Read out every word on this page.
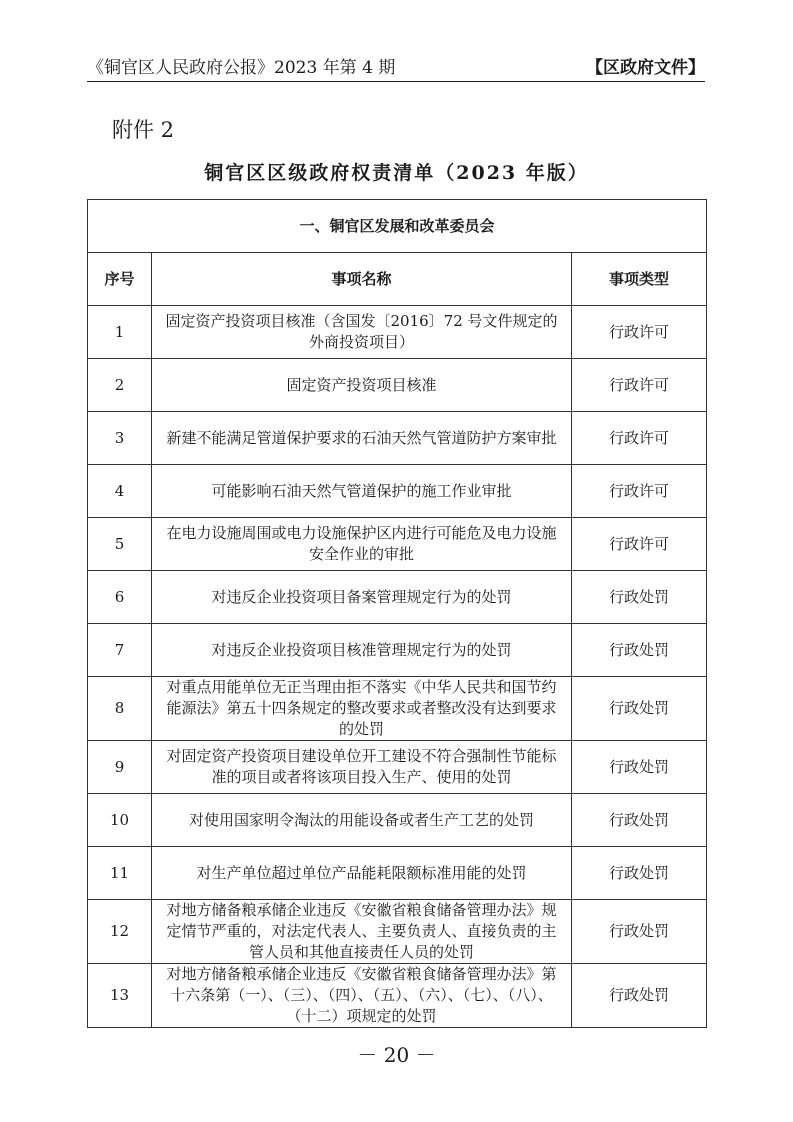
《铜官区人民政府公报》2023 年第 4 期	【区政府文件】
附件 2
铜官区区级政府权责清单（2023 年版）
一、铜官区发展和改革委员会		
序号	事项名称	事项类型
1	固定资产投资项目核准（含国发〔2016〕72 号文件规定的外商投资项目）	行政许可
2	固定资产投资项目核准	行政许可
3	新建不能满足管道保护要求的石油天然气管道防护方案审批	行政许可
4	可能影响石油天然气管道保护的施工作业审批	行政许可
5	在电力设施周围或电力设施保护区内进行可能危及电力设施安全作业的审批	行政许可
6	对违反企业投资项目备案管理规定行为的处罚	行政处罚
7	对违反企业投资项目核准管理规定行为的处罚	行政处罚
8	对重点用能单位无正当理由拒不落实《中华人民共和国节约能源法》第五十四条规定的整改要求或者整改没有达到要求的处罚	行政处罚
9	对固定资产投资项目建设单位开工建设不符合强制性节能标准的项目或者将该项目投入生产、使用的处罚	行政处罚
10	对使用国家明令淘汰的用能设备或者生产工艺的处罚	行政处罚
11	对生产单位超过单位产品能耗限额标准用能的处罚	行政处罚
12	对地方储备粮承储企业违反《安徽省粮食储备管理办法》规定情节严重的，对法定代表人、主要负责人、直接负责的主管人员和其他直接责任人员的处罚	行政处罚
13	对地方储备粮承储企业违反《安徽省粮食储备管理办法》第十六条第（一）、（三）、（四）、（五）、（六）、（七）、（八）、（十二）项规定的处罚	行政处罚
－ 20 －
